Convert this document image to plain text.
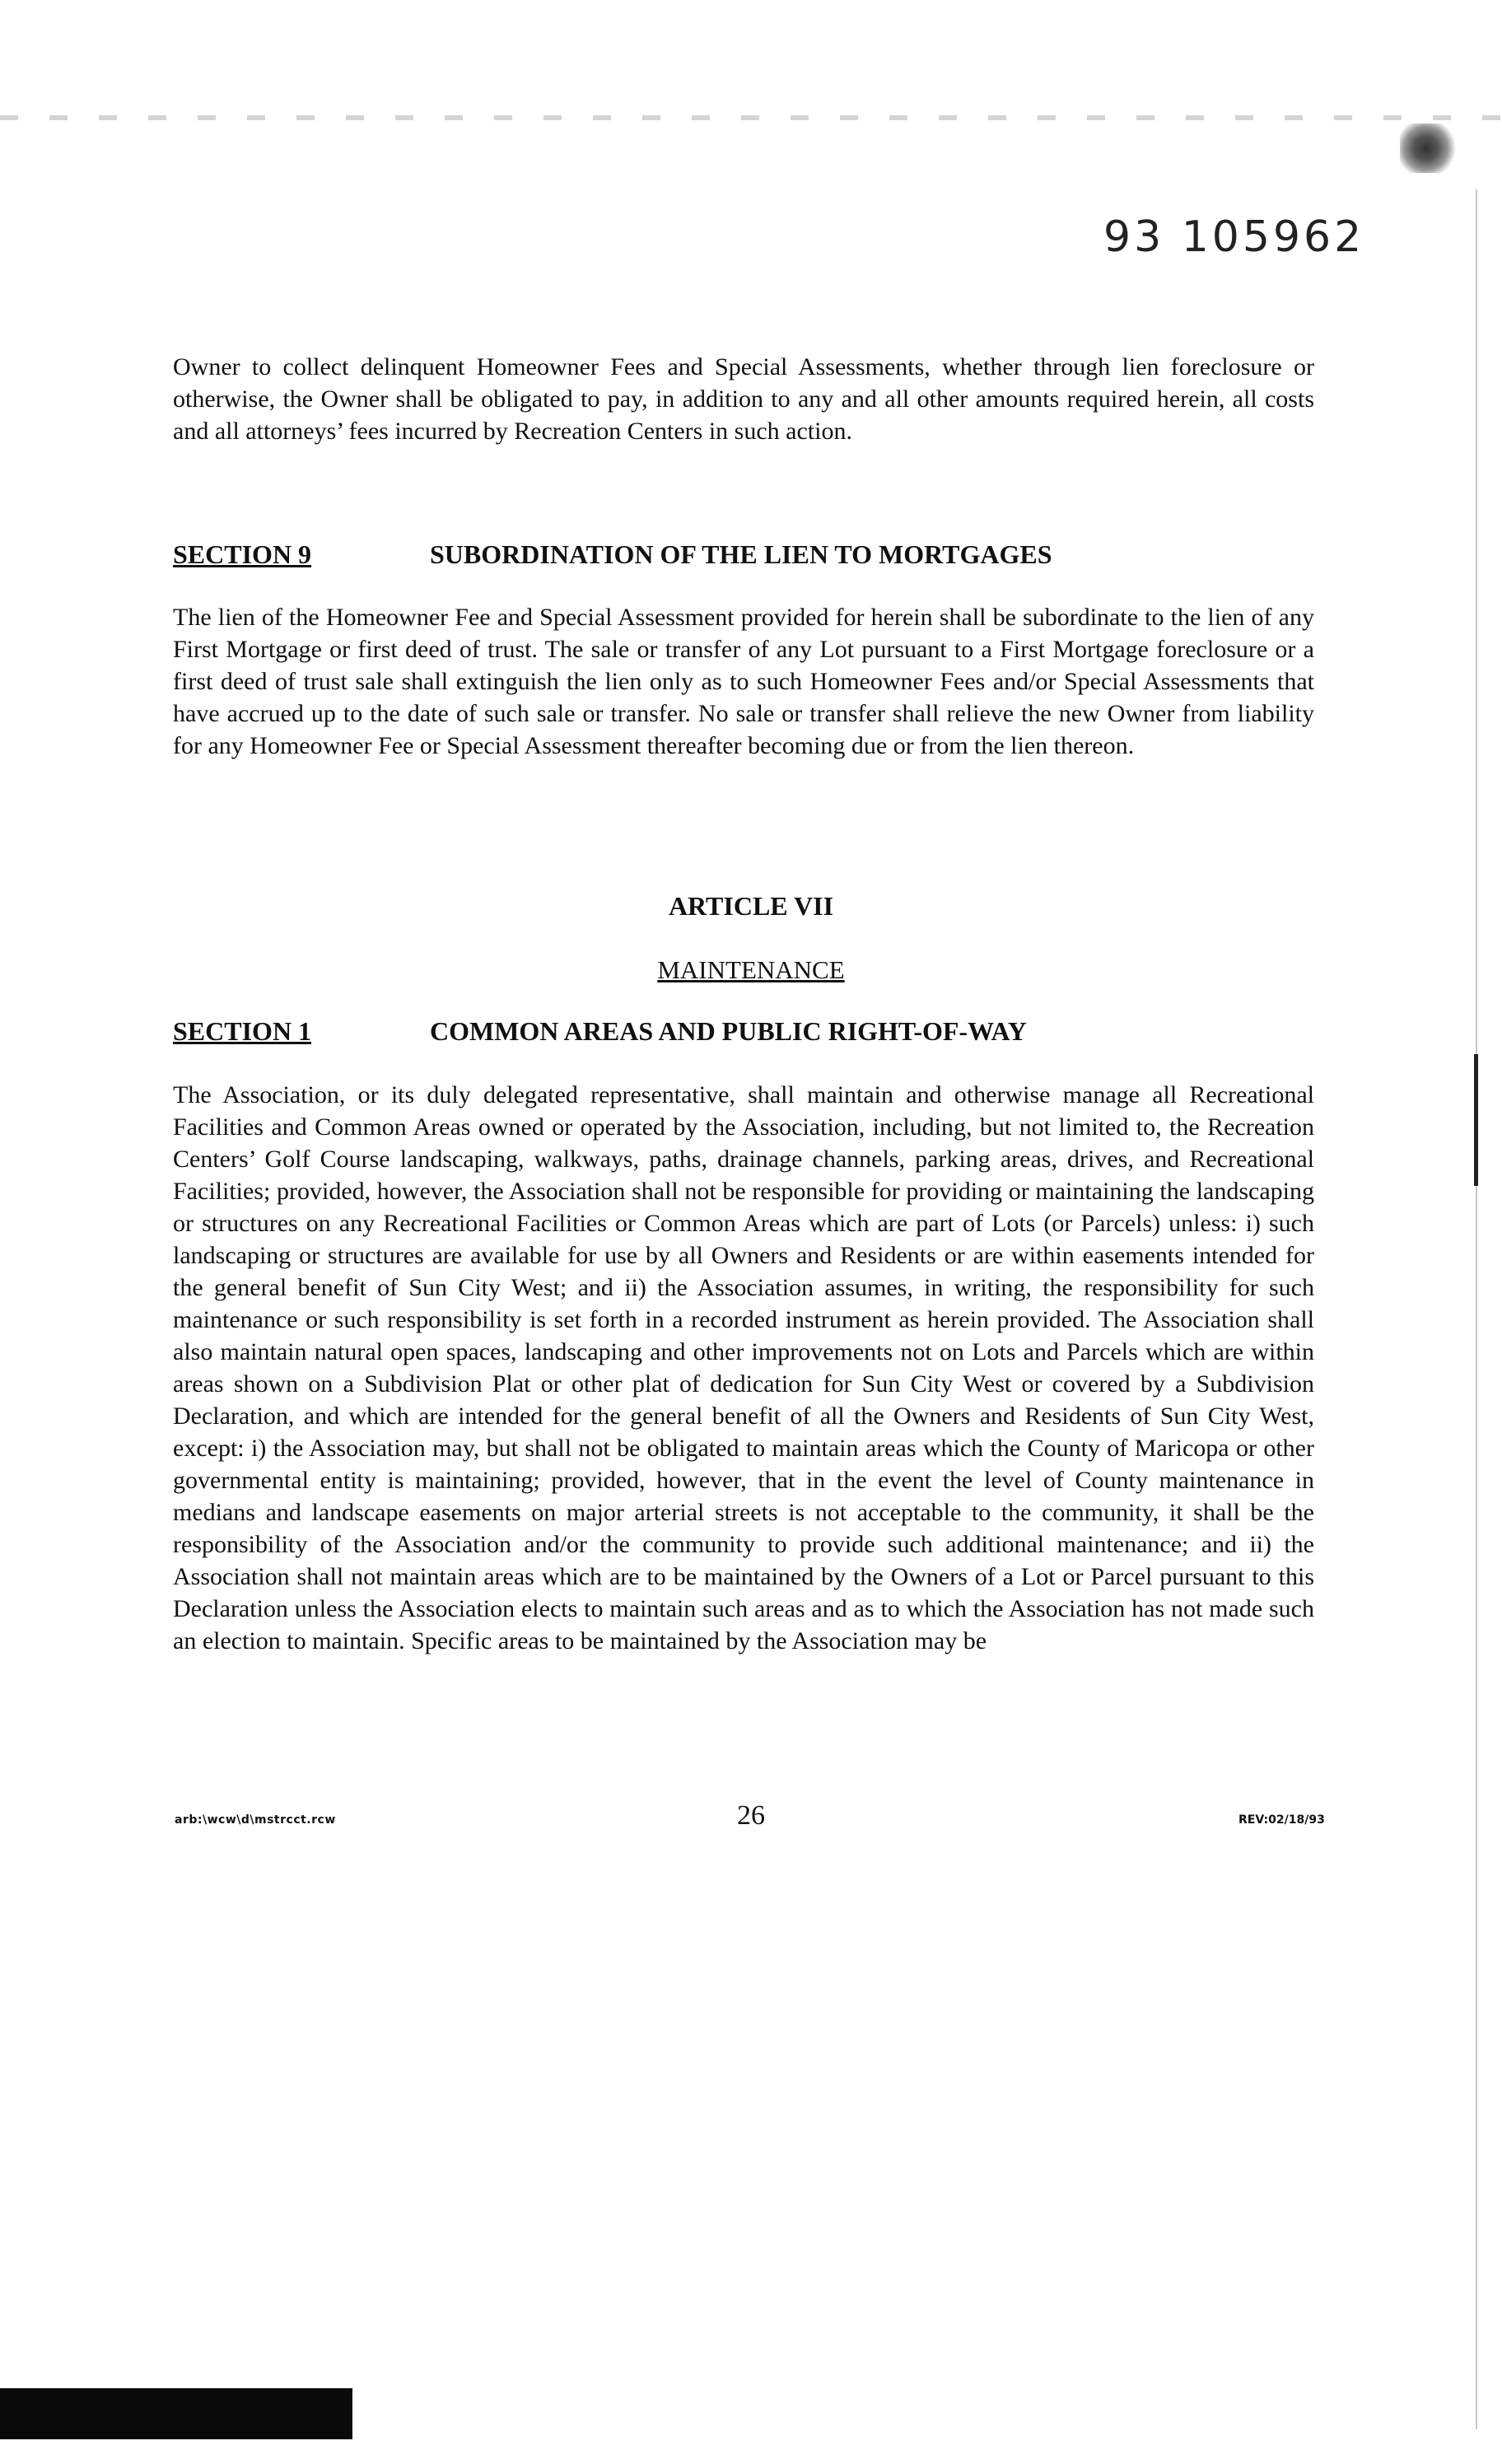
93 105962

Owner to collect delinquent Homeowner Fees and Special Assessments, whether through lien foreclosure or otherwise, the Owner shall be obligated to pay, in addition to any and all other amounts required herein, all costs and all attorneys’ fees incurred by Recreation Centers in such action.

SECTION 9	SUBORDINATION OF THE LIEN TO MORTGAGES

The lien of the Homeowner Fee and Special Assessment provided for herein shall be subordinate to the lien of any First Mortgage or first deed of trust. The sale or transfer of any Lot pursuant to a First Mortgage foreclosure or a first deed of trust sale shall extinguish the lien only as to such Homeowner Fees and/or Special Assessments that have accrued up to the date of such sale or transfer. No sale or transfer shall relieve the new Owner from liability for any Homeowner Fee or Special Assessment thereafter becoming due or from the lien thereon.

ARTICLE VII
MAINTENANCE
SECTION 1	COMMON AREAS AND PUBLIC RIGHT-OF-WAY

The Association, or its duly delegated representative, shall maintain and otherwise manage all Recreational Facilities and Common Areas owned or operated by the Association, including, but not limited to, the Recreation Centers’ Golf Course landscaping, walkways, paths, drainage channels, parking areas, drives, and Recreational Facilities; provided, however, the Association shall not be responsible for providing or maintaining the landscaping or structures on any Recreational Facilities or Common Areas which are part of Lots (or Parcels) unless: i) such landscaping or structures are available for use by all Owners and Residents or are within easements intended for the general benefit of Sun City West; and ii) the Association assumes, in writing, the responsibility for such maintenance or such responsibility is set forth in a recorded instrument as herein provided. The Association shall also maintain natural open spaces, landscaping and other improvements not on Lots and Parcels which are within areas shown on a Subdivision Plat or other plat of dedication for Sun City West or covered by a Subdivision Declaration, and which are intended for the general benefit of all the Owners and Residents of Sun City West, except: i) the Association may, but shall not be obligated to maintain areas which the County of Maricopa or other governmental entity is maintaining; provided, however, that in the event the level of County maintenance in medians and landscape easements on major arterial streets is not acceptable to the community, it shall be the responsibility of the Association and/or the community to provide such additional maintenance; and ii) the Association shall not maintain areas which are to be maintained by the Owners of a Lot or Parcel pursuant to this Declaration unless the Association elects to maintain such areas and as to which the Association has not made such an election to maintain. Specific areas to be maintained by the Association may be

arb:\wcw\d\mstrcct.rcw	26	REV:02/18/93
